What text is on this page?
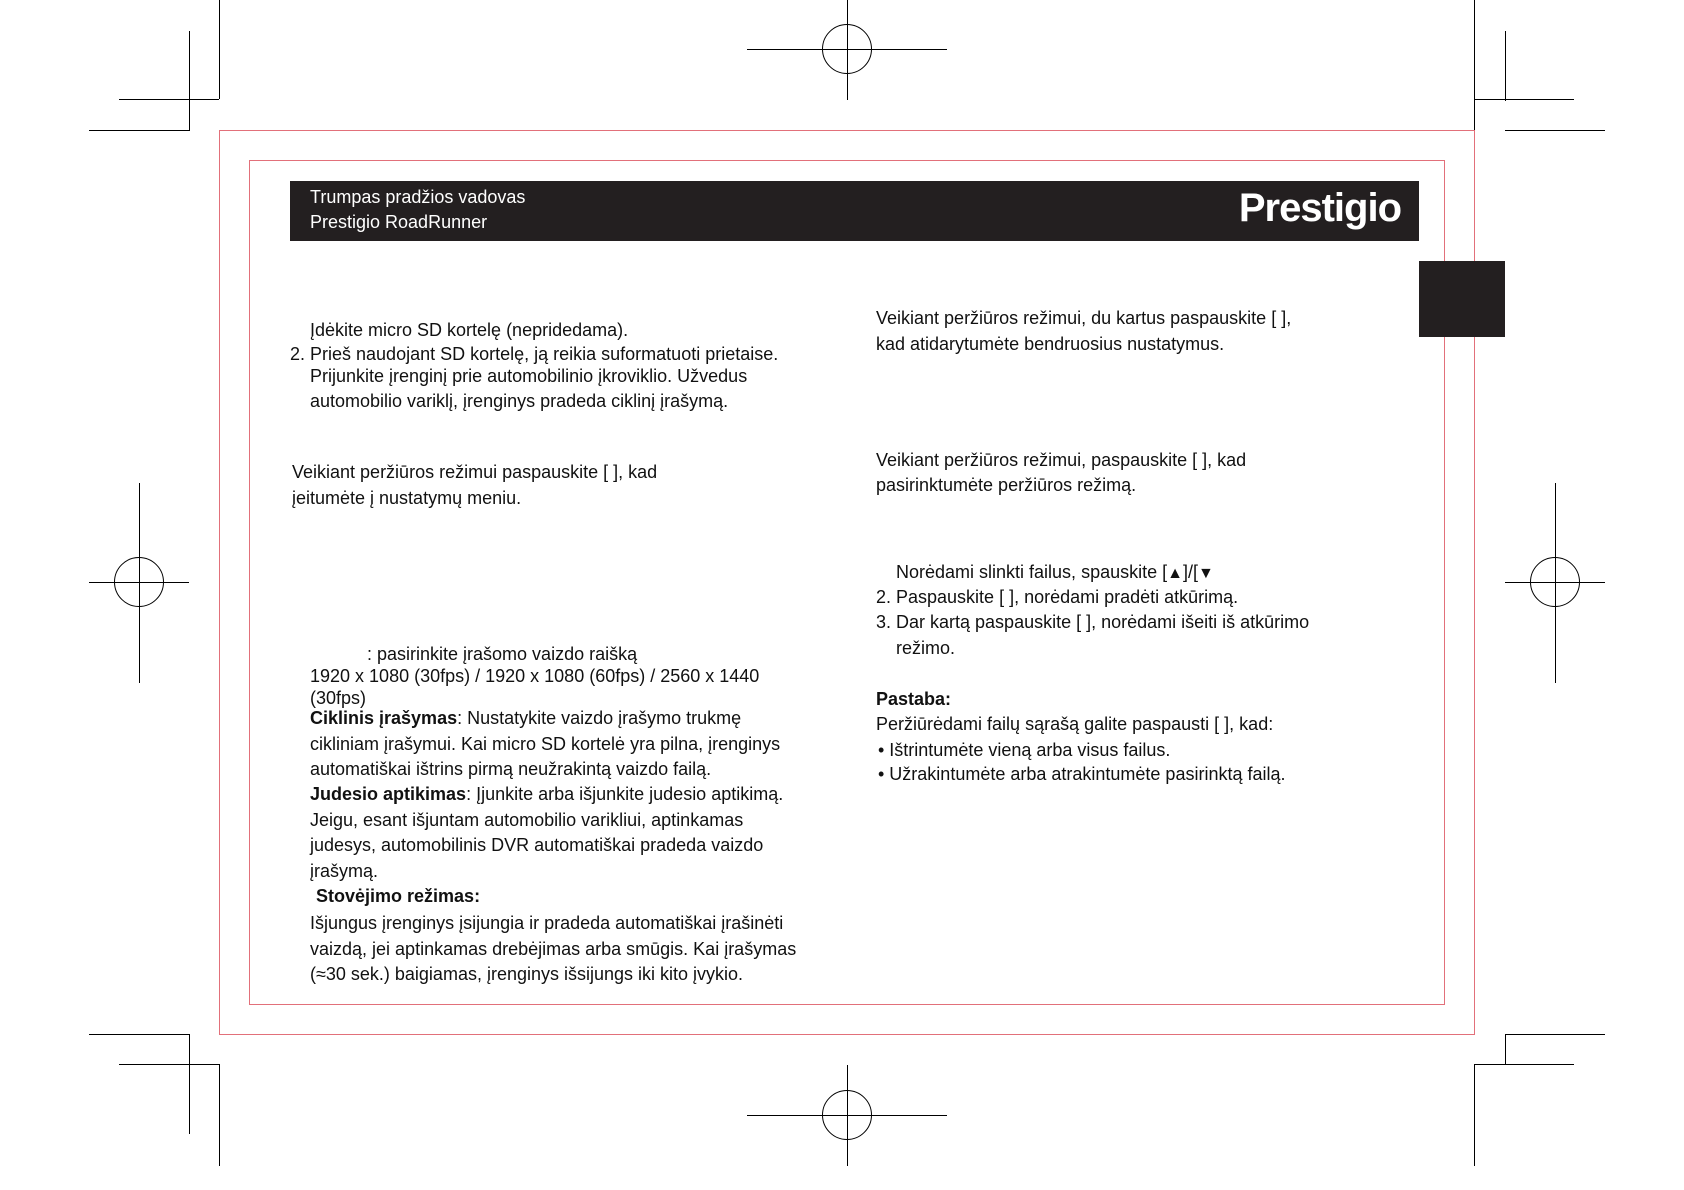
Trumpas pradžios vadovas
Prestigio RoadRunner	Prestigio
Įdėkite micro SD kortelę (nepridedama).
2. Prieš naudojant SD kortelę, ją reikia suformatuoti prietaise.
Prijunkite įrenginį prie automobilinio įkroviklio. Užvedus
automobilio variklį, įrenginys pradeda ciklinį įrašymą.
Veikiant peržiūros režimui paspauskite [ ], kad
įeitumėte į nustatymų meniu.
: pasirinkite įrašomo vaizdo raišką
1920 x 1080 (30fps) / 1920 x 1080 (60fps) / 2560 x 1440
(30fps)
Ciklinis įrašymas: Nustatykite vaizdo įrašymo trukmę
cikliniam įrašymui. Kai micro SD kortelė yra pilna, įrenginys
automatiškai ištrins pirmą neužrakintą vaizdo failą.
Judesio aptikimas: Įjunkite arba išjunkite judesio aptikimą.
Jeigu, esant išjuntam automobilio varikliui, aptinkamas
judesys, automobilinis DVR automatiškai pradeda vaizdo
įrašymą.
Stovėjimo režimas:
Išjungus įrenginys įsijungia ir pradeda automatiškai įrašinėti
vaizdą, jei aptinkamas drebėjimas arba smūgis. Kai įrašymas
(≈30 sek.) baigiamas, įrenginys išsijungs iki kito įvykio.
Veikiant peržiūros režimui, du kartus paspauskite [ ],
kad atidarytumėte bendruosius nustatymus.
Veikiant peržiūros režimui, paspauskite [ ], kad
pasirinktumėte peržiūros režimą.
Norėdami slinkti failus, spauskite [▲]/[▼
2. Paspauskite [ ], norėdami pradėti atkūrimą.
3. Dar kartą paspauskite [ ], norėdami išeiti iš atkūrimo
režimo.
Pastaba:
Peržiūrėdami failų sąrašą galite paspausti [ ], kad:
• Ištrintumėte vieną arba visus failus.
• Užrakintumėte arba atrakintumėte pasirinktą failą.
